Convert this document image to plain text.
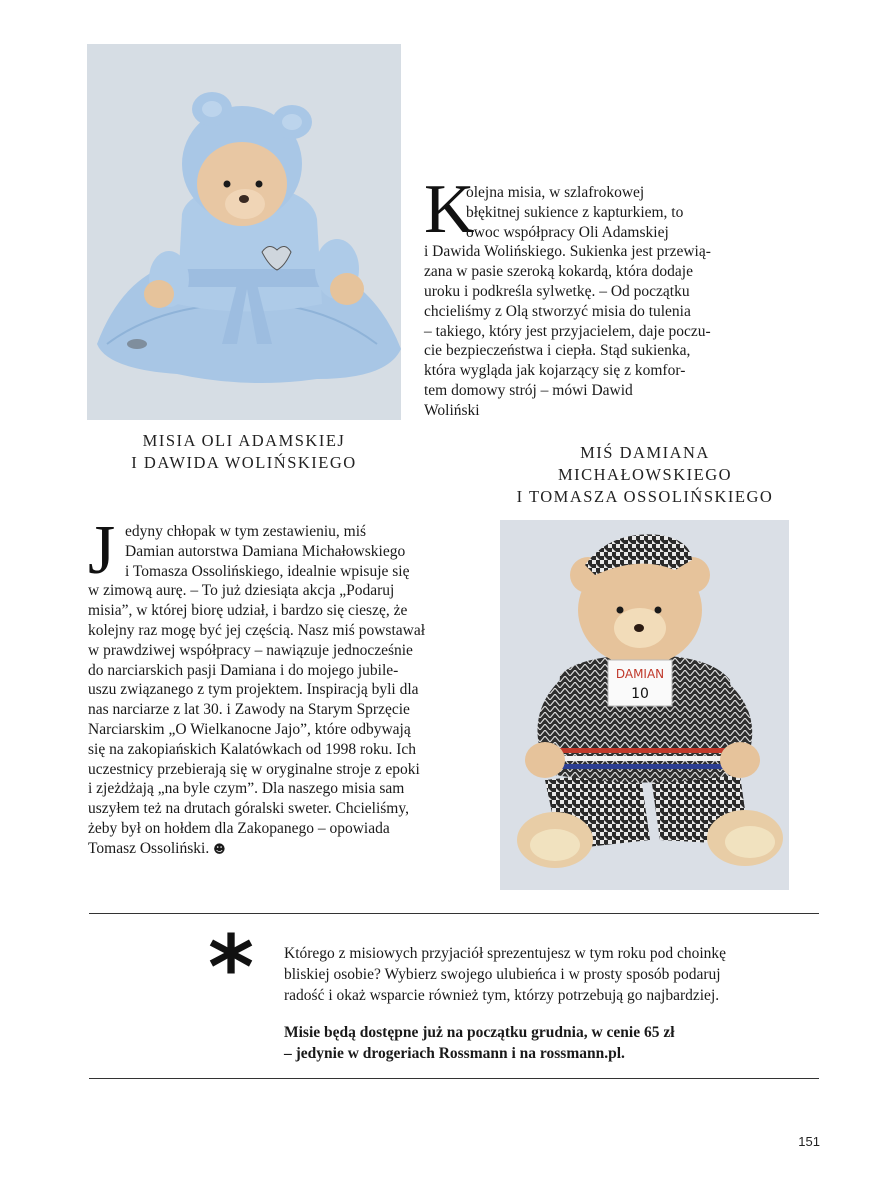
MISIA OLI ADAMSKIEJ
I DAWIDA WOLIŃSKIEGO
K
olejna misia, w szlafrokowej
błękitnej sukience z kapturkiem, to
owoc współpracy Oli Adamskiej
i Dawida Wolińskiego. Sukienka jest przewią-
zana w pasie szeroką kokardą, która dodaje
uroku i podkreśla sylwetkę. – Od początku
chcieliśmy z Olą stworzyć misia do tulenia
– takiego, który jest przyjacielem, daje poczu-
cie bezpieczeństwa i ciepła. Stąd sukienka,
która wygląda jak kojarzący się z komfor-
tem domowy strój – mówi Dawid
Woliński
MIŚ DAMIANA
MICHAŁOWSKIEGO
I TOMASZA OSSOLIŃSKIEGO
J edyny chłopak w tym zestawieniu, miś
Damian autorstwa Damiana Michałowskiego
i Tomasza Ossolińskiego, idealnie wpisuje się
w zimową aurę. – To już dziesiąta akcja „Podaruj
misia”, w której biorę udział, i bardzo się cieszę, że
kolejny raz mogę być jej częścią. Nasz miś powstawał
w prawdziwej współpracy – nawiązuje jednocześnie
do narciarskich pasji Damiana i do mojego jubile-
uszu związanego z tym projektem. Inspiracją byli dla
nas narciarze z lat 30. i Zawody na Starym Sprzęcie
Narciarskim „O Wielkanocne Jajo”, które odbywają
się na zakopiańskich Kalatówkach od 1998 roku. Ich
uczestnicy przebierają się w oryginalne stroje z epoki
i zjeżdżają „na byle czym”. Dla naszego misia sam
uszyłem też na drutach góralski sweter. Chcieliśmy,
żeby był on hołdem dla Zakopanego – opowiada
Tomasz Ossoliński. ☻
DAMIAN
10
* Którego z misiowych przyjaciół sprezentujesz w tym roku pod choinkę
bliskiej osobie? Wybierz swojego ulubieńca i w prosty sposób podaruj
radość i okaż wsparcie również tym, którzy potrzebują go najbardziej.
Misie będą dostępne już na początku grudnia, w cenie 65 zł
– jedynie w drogeriach Rossmann i na rossmann.pl.
151
